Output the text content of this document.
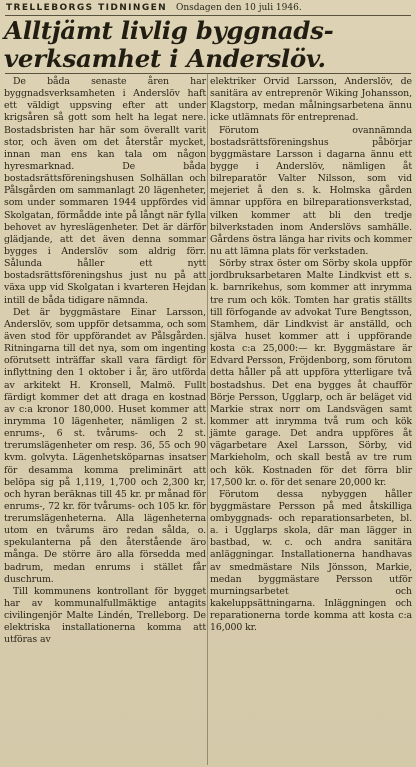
TRELLEBORGS TIDNINGEN Onsdagen den 10 juli 1946.
Alltjämt livlig byggnads-verksamhet i Anderslöv.

De båda senaste åren har byggnadsverksamheten i Anderslöv haft ett väldigt uppsving efter att under krigsåren så gott som helt ha legat nere. Bostadsbristen har här som överallt varit stor, och även om det återstår mycket, innan man ens kan tala om någon hyresmarknad. De båda bostadsrättsföreningshusen Solhällan och Pålsgården om sammanlagt 20 lägenheter, som under sommaren 1944 uppfördes vid Skolgatan, förmådde inte på långt när fylla behovet av hyreslägenheter. Det är därför glädjande, att det även denna sommar bygges i Anderslöv som aldrig förr. Sålunda håller ett nytt bostadsrättsföreningshus just nu på att växa upp vid Skolgatan i kvarteren Hejdan intill de båda tidigare nämnda.

Det är byggmästare Einar Larsson, Anderslöv, som uppför detsamma, och som även stod för uppförandet av Pålsgården. Ritningarna till det nya, som om ingenting oförutsett inträffar skall vara färdigt för inflyttning den 1 oktober i år, äro utförda av arkitekt H. Kronsell, Malmö. Fullt färdigt kommer det att draga en kostnad av c:a kronor 180,000. Huset kommer att inrymma 10 lägenheter, nämligen 2 st. enrums-, 6 st. tvårums- och 2 st. trerumslägenheter om resp. 36, 55 och 90 kvm. golvyta. Lägenhetsköparnas insatser för desamma komma preliminärt att belöpa sig på 1,119, 1,700 och 2,300 kr, och hyran beräknas till 45 kr. pr månad för enrums-, 72 kr. för tvårums- och 105 kr. för trerumslägenheterna. Alla lägenheterna utom en tvårums äro redan sålda, o. spekulanterna på den återstående äro många. De större äro alla försedda med badrum, medan enrums i stället får duschrum.

Till kommunens kontrollant för bygget har av kommunalfullmäktige antagits civilingenjör Malte Lindén, Trelleborg. De elektriska installationerna komma att utföras av

elektriker Orvid Larsson, Anderslöv, de sanitära av entreprenör Wiking Johansson, Klagstorp, medan målningsarbetena ännu icke utlämnats för entreprenad.

Förutom ovannämnda bostadsrättsföreningshus påbörjar byggmästare Larsson i dagarna ännu ett bygge i Anderslöv, nämligen åt bilreparatör Valter Nilsson, som vid mejeriet å den s. k. Holmska gården ämnar uppföra en bilreparationsverkstad, vilken kommer att bli den tredje bilverkstaden inom Anderslövs samhälle. Gårdens östra länga har rivits och kommer nu att lämna plats för verkstaden.

Sörby strax öster om Sörby skola uppför jordbruksarbetaren Malte Lindkvist ett s. k. barnrikehus, som kommer att inrymma tre rum och kök. Tomten har gratis ställts till förfogande av advokat Ture Bengtsson, Stamhem, där Lindkvist är anställd, och själva huset kommer att i uppförande kosta c:a 25,000:— kr. Byggmästare är Edvard Persson, Fröjdenborg, som förutom detta håller på att uppföra ytterligare två bostadshus. Det ena bygges åt chaufför Börje Persson, Ugglarp, och är beläget vid Markie strax norr om Landsvägen samt kommer att inrymma två rum och kök jämte garage. Det andra uppföres åt vägarbetare Axel Larsson, Sörby, vid Markieholm, och skall bestå av tre rum och kök. Kostnaden för det förra blir 17,500 kr. o. för det senare 20,000 kr.

Förutom dessa nybyggen håller byggmästare Persson på med åtskilliga ombyggnads- och reparationsarbeten, bl. a. i Ugglarps skola, där man lägger in bastbad, w. c. och andra sanitära anläggningar. Installationerna handhavas av smedmästare Nils Jönsson, Markie, medan byggmästare Persson utför murningsarbetet och kakeluppsättningarna. Inläggningen och reparationerna torde komma att kosta c:a 16,000 kr.
